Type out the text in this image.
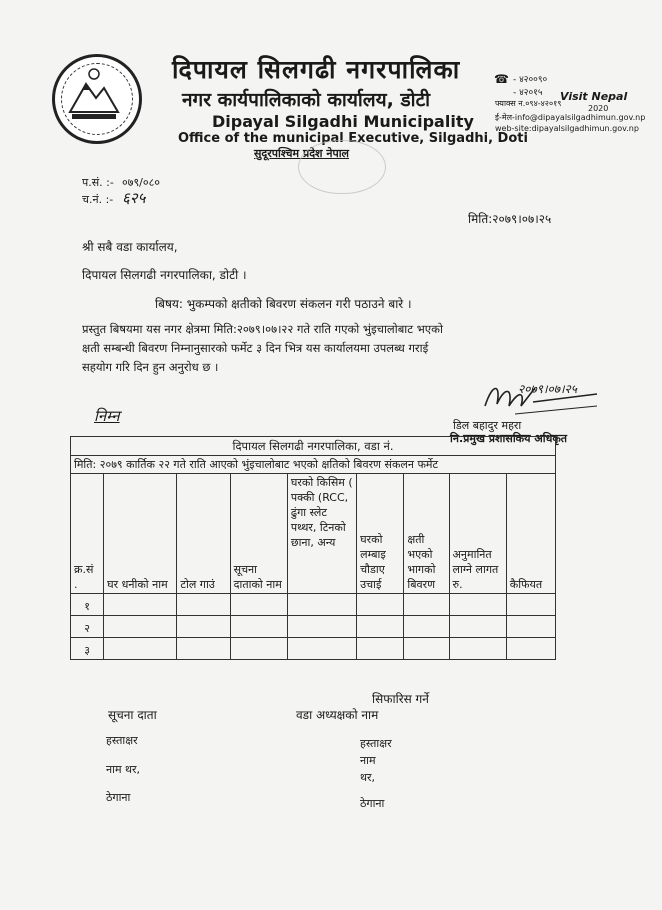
दिपायल सिलगढी नगरपालिका
नगर कार्यपालिकाको कार्यालय, डोटी
Dipayal Silgadhi Municipality
Office of the municipal Executive, Silgadhi, Doti
सुदूरपश्चिम प्रदेश नेपाल
☎ - ४२००९०
- ४२०१५
फ्याक्स न.०९४-४२०१९
ई-मेल-info@dipayalsilgadhimun.gov.np
web-site:dipayalsilgadhimun.gov.np
Visit Nepal
2020
प.सं. :- ०७९/०८०
च.नं. :- ६२५
मिति:२०७९।०७।२५
श्री सबै वडा कार्यालय,
दिपायल सिलगढी नगरपालिका, डोटी ।
बिषय: भुकम्पको क्षतीको बिवरण संकलन गरी पठाउने बारे ।
प्रस्तुत बिषयमा यस नगर क्षेत्रमा मिति:२०७९।०७।२२ गते राति गएको भुंइचालोबाट भएको
क्षती सम्बन्धी बिवरण निम्नानुसारको फर्मेट ३ दिन भित्र यस कार्यालयमा उपलब्ध गराई
सहयोग गरि दिन हुन अनुरोध छ ।
२०७९।०७।२५
डिल बहादुर महरा
नि.प्रमुख प्रशासकिय अधिकृत
निम्न
दिपायल सिलगढी नगरपालिका, वडा नं.								
मिति: २०७९ कार्तिक २२ गते राति आएको भुंइचालोबाट भएको क्षतिको बिवरण संकलन फर्मेट								
क्र.सं .	घर धनीको नाम	टोल गाउं	सूचना दाताको नाम	घरको किसिम ( पक्की (RCC, ढुंगा स्लेट पथ्थर, टिनको छाना, अन्य	घरको लम्बाइ चौडाए उचाई	क्षती भएको भागको बिवरण	अनुमानित लाग्ने लागत रु.	कैफियत
१								
२								
३								
सिफारिस गर्ने
सूचना दाता	वडा अध्यक्षको नाम
हस्ताक्षर	हस्ताक्षर
नाम
नाम थर,
थर,
ठेगाना	ठेगाना
